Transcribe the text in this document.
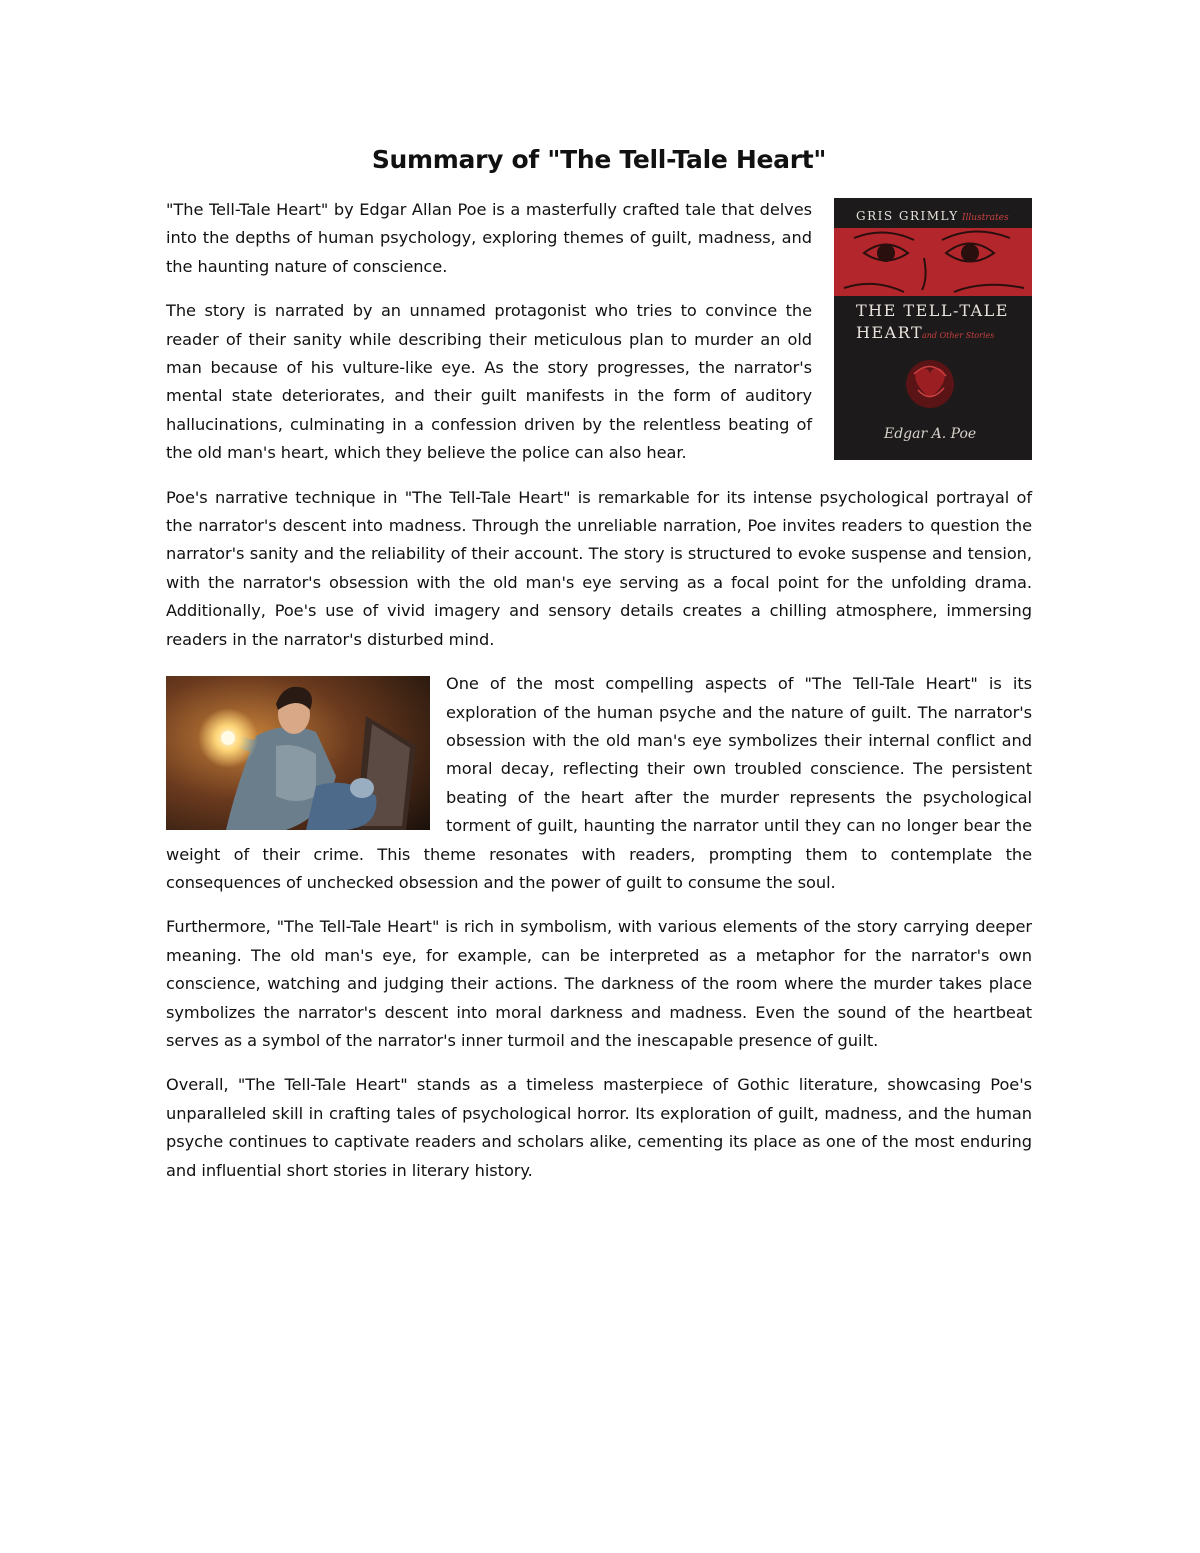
Summary of "The Tell-Tale Heart"
GRIS GRIMLY Illustrates
THE TELL-TALE
HEART
and Other Stories
Edgar A. Poe

"The Tell-Tale Heart" by Edgar Allan Poe is a masterfully crafted tale that delves into the depths of human psychology, exploring themes of guilt, madness, and the haunting nature of conscience.

The story is narrated by an unnamed protagonist who tries to convince the reader of their sanity while describing their meticulous plan to murder an old man because of his vulture-like eye. As the story progresses, the narrator's mental state deteriorates, and their guilt manifests in the form of auditory hallucinations, culminating in a confession driven by the relentless beating of the old man's heart, which they believe the police can also hear.

Poe's narrative technique in "The Tell-Tale Heart" is remarkable for its intense psychological portrayal of the narrator's descent into madness. Through the unreliable narration, Poe invites readers to question the narrator's sanity and the reliability of their account. The story is structured to evoke suspense and tension, with the narrator's obsession with the old man's eye serving as a focal point for the unfolding drama. Additionally, Poe's use of vivid imagery and sensory details creates a chilling atmosphere, immersing readers in the narrator's disturbed mind.

One of the most compelling aspects of "The Tell-Tale Heart" is its exploration of the human psyche and the nature of guilt. The narrator's obsession with the old man's eye symbolizes their internal conflict and moral decay, reflecting their own troubled conscience. The persistent beating of the heart after the murder represents the psychological torment of guilt, haunting the narrator until they can no longer bear the weight of their crime. This theme resonates with readers, prompting them to contemplate the consequences of unchecked obsession and the power of guilt to consume the soul.

Furthermore, "The Tell-Tale Heart" is rich in symbolism, with various elements of the story carrying deeper meaning. The old man's eye, for example, can be interpreted as a metaphor for the narrator's own conscience, watching and judging their actions. The darkness of the room where the murder takes place symbolizes the narrator's descent into moral darkness and madness. Even the sound of the heartbeat serves as a symbol of the narrator's inner turmoil and the inescapable presence of guilt.

Overall, "The Tell-Tale Heart" stands as a timeless masterpiece of Gothic literature, showcasing Poe's unparalleled skill in crafting tales of psychological horror. Its exploration of guilt, madness, and the human psyche continues to captivate readers and scholars alike, cementing its place as one of the most enduring and influential short stories in literary history.
